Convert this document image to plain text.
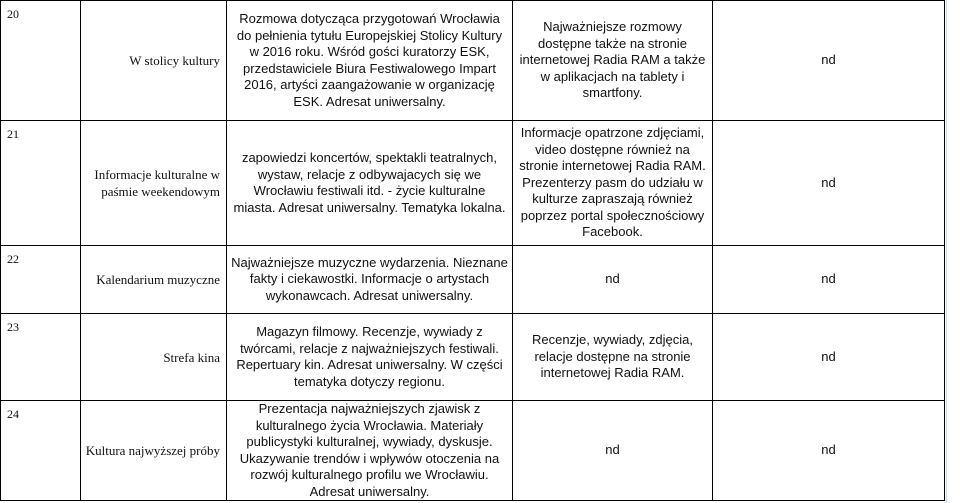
20	W stolicy kultury	Rozmowa dotycząca przygotowań Wrocławia do pełnienia tytułu Europejskiej Stolicy Kultury w 2016 roku. Wśród gości kuratorzy ESK, przedstawiciele Biura Festiwalowego Impart 2016, artyści zaangażowanie w organizację ESK. Adresat uniwersalny.	Najważniejsze rozmowy dostępne także na stronie internetowej Radia RAM a także w aplikacjach na tablety i smartfony.	nd
21	Informacje kulturalne w paśmie weekendowym	zapowiedzi koncertów, spektakli teatralnych, wystaw, relacje z odbywajacych się we Wrocławiu festiwali itd. - życie kulturalne miasta. Adresat uniwersalny. Tematyka lokalna.	Informacje opatrzone zdjęciami, video dostępne również na stronie internetowej Radia RAM. Prezenterzy pasm do udziału w kulturze zapraszają również poprzez portal społecznościowy Facebook.	nd
22	Kalendarium muzyczne	Najważniejsze muzyczne wydarzenia. Nieznane fakty i ciekawostki. Informacje o artystach wykonawcach. Adresat uniwersalny.	nd	nd
23	Strefa kina	Magazyn filmowy. Recenzje, wywiady z twórcami, relacje z najważniejszych festiwali. Repertuary kin. Adresat uniwersalny. W części tematyka dotyczy regionu.	Recenzje, wywiady, zdjęcia, relacje dostępne na stronie internetowej Radia RAM.	nd
24	Kultura najwyższej próby	Prezentacja najważniejszych zjawisk z kulturalnego życia Wrocławia. Materiały publicystyki kulturalnej, wywiady, dyskusje. Ukazywanie trendów i wpływów otoczenia na rozwój kulturalnego profilu we Wrocławiu. Adresat uniwersalny.	nd	nd
